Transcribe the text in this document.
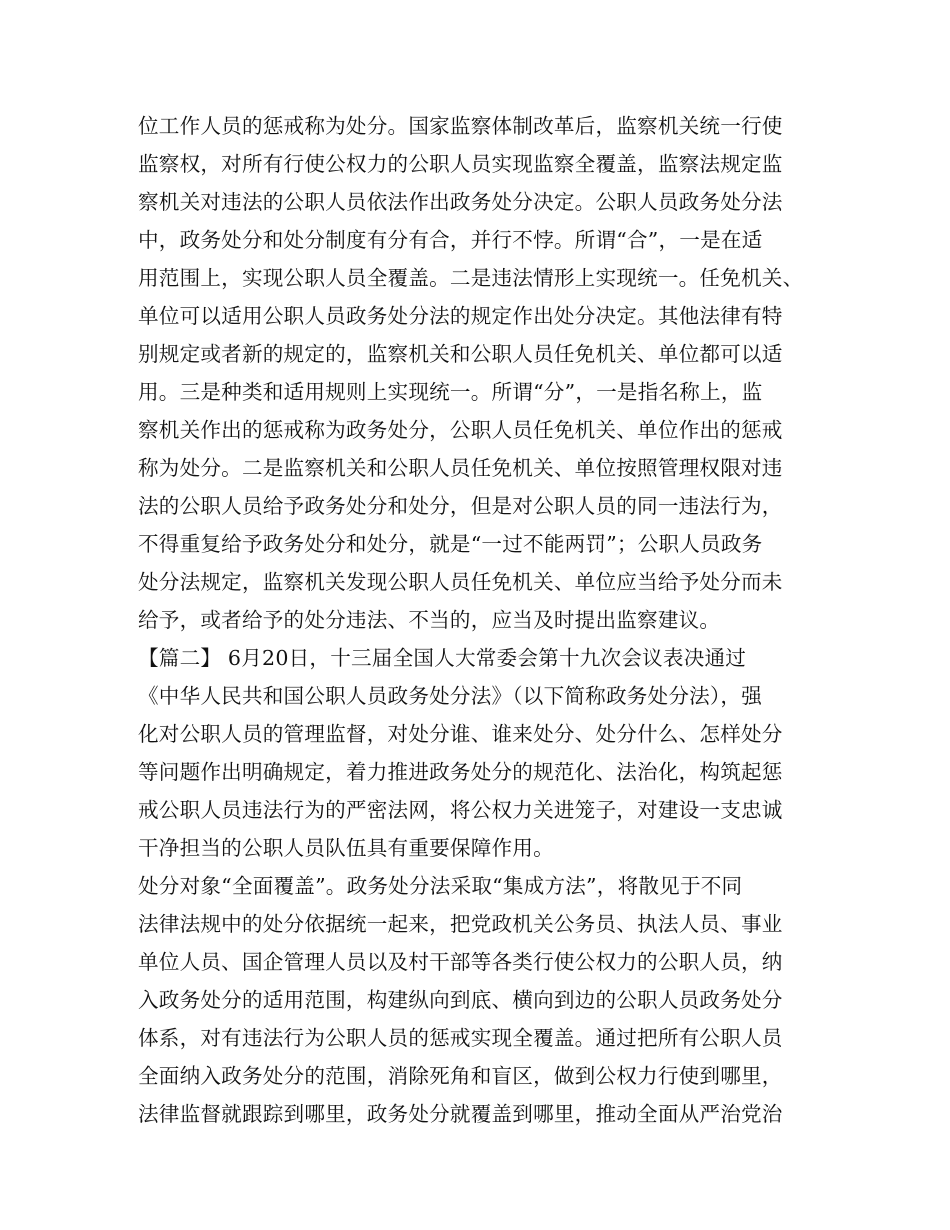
位工作人员的惩戒称为处分。国家监察体制改革后，监察机关统一行使
监察权，对所有行使公权力的公职人员实现监察全覆盖，监察法规定监
察机关对违法的公职人员依法作出政务处分决定。公职人员政务处分法
中，政务处分和处分制度有分有合，并行不悖。所谓“合”，一是在适
用范围上，实现公职人员全覆盖。二是违法情形上实现统一。任免机关、
单位可以适用公职人员政务处分法的规定作出处分决定。其他法律有特
别规定或者新的规定的，监察机关和公职人员任免机关、单位都可以适
用。三是种类和适用规则上实现统一。所谓“分”，一是指名称上，监
察机关作出的惩戒称为政务处分，公职人员任免机关、单位作出的惩戒
称为处分。二是监察机关和公职人员任免机关、单位按照管理权限对违
法的公职人员给予政务处分和处分，但是对公职人员的同一违法行为，
不得重复给予政务处分和处分，就是“一过不能两罚”；公职人员政务
处分法规定，监察机关发现公职人员任免机关、单位应当给予处分而未
给予，或者给予的处分违法、不当的，应当及时提出监察建议。
【篇二】 6月20日，十三届全国人大常委会第十九次会议表决通过
《中华人民共和国公职人员政务处分法》（以下简称政务处分法），强
化对公职人员的管理监督，对处分谁、谁来处分、处分什么、怎样处分
等问题作出明确规定，着力推进政务处分的规范化、法治化，构筑起惩
戒公职人员违法行为的严密法网，将公权力关进笼子，对建设一支忠诚
干净担当的公职人员队伍具有重要保障作用。
处分对象“全面覆盖”。政务处分法采取“集成方法”，将散见于不同
法律法规中的处分依据统一起来，把党政机关公务员、执法人员、事业
单位人员、国企管理人员以及村干部等各类行使公权力的公职人员，纳
入政务处分的适用范围，构建纵向到底、横向到边的公职人员政务处分
体系，对有违法行为公职人员的惩戒实现全覆盖。通过把所有公职人员
全面纳入政务处分的范围，消除死角和盲区，做到公权力行使到哪里，
法律监督就跟踪到哪里，政务处分就覆盖到哪里，推动全面从严治党治
